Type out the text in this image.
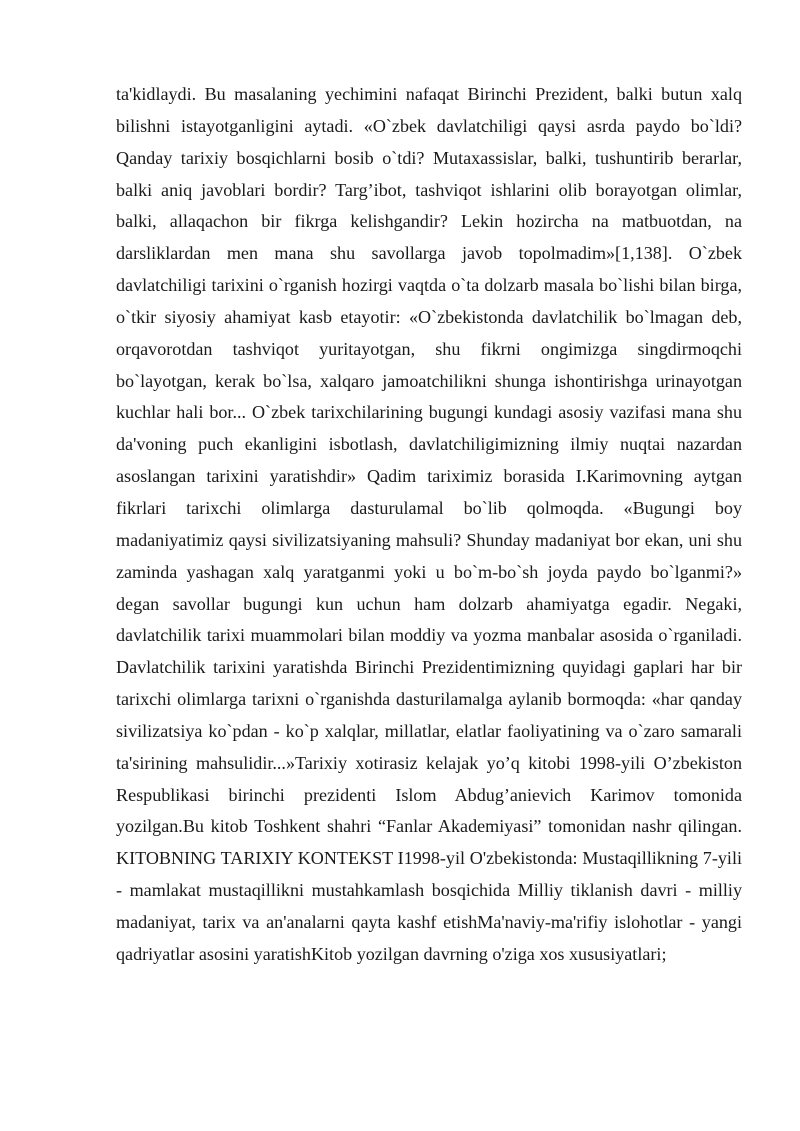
ta'kidlaydi. Bu masalaning yechimini nafaqat Birinchi Prezident, balki butun xalq bilishni istayotganligini aytadi. «O`zbek davlatchiligi qaysi asrda paydo bo`ldi? Qanday tarixiy bosqichlarni bosib o`tdi? Mutaxassislar, balki, tushuntirib berarlar, balki aniq javoblari bordir? Targ’ibot, tashviqot ishlarini olib borayotgan olimlar, balki, allaqachon bir fikrga kelishgandir? Lekin hozircha na matbuotdan, na darsliklardan men mana shu savollarga javob topolmadim»[1,138]. O`zbek davlatchiligi tarixini o`rganish hozirgi vaqtda o`ta dolzarb masala bo`lishi bilan birga, o`tkir siyosiy ahamiyat kasb etayotir: «O`zbekistonda davlatchilik bo`lmagan deb, orqavorotdan tashviqot yuritayotgan, shu fikrni ongimizga singdirmoqchi bo`layotgan, kerak bo`lsa, xalqaro jamoatchilikni shunga ishontirishga urinayotgan kuchlar hali bor... O`zbek tarixchilarining bugungi kundagi asosiy vazifasi mana shu da'voning puch ekanligini isbotlash, davlatchiligimizning ilmiy nuqtai nazardan asoslangan tarixini yaratishdir» Qadim tariximiz borasida I.Karimovning aytgan fikrlari tarixchi olimlarga dasturulamal bo`lib qolmoqda. «Bugungi boy madaniyatimiz qaysi sivilizatsiyaning mahsuli? Shunday madaniyat bor ekan, uni shu zaminda yashagan xalq yaratganmi yoki u bo`m-bo`sh joyda paydo bo`lganmi?» degan savollar bugungi kun uchun ham dolzarb ahamiyatga egadir. Negaki, davlatchilik tarixi muammolari bilan moddiy va yozma manbalar asosida o`rganiladi. Davlatchilik tarixini yaratishda Birinchi Prezidentimizning quyidagi gaplari har bir tarixchi olimlarga tarixni o`rganishda dasturilamalga aylanib bormoqda: «har qanday sivilizatsiya ko`pdan - ko`p xalqlar, millatlar, elatlar faoliyatining va o`zaro samarali ta'sirining mahsulidir...»Tarixiy xotirasiz kelajak yo’q kitobi 1998-yili O’zbekiston Respublikasi birinchi prezidenti Islom Abdug’anievich Karimov tomonida yozilgan.Bu kitob Toshkent shahri “Fanlar Akademiyasi” tomonidan nashr qilingan. KITOBNING TARIXIY KONTEKST I1998-yil O'zbekistonda: Mustaqillikning 7-yili - mamlakat mustaqillikni mustahkamlash bosqichida Milliy tiklanish davri - milliy madaniyat, tarix va an'analarni qayta kashf etishMa'naviy-ma'rifiy islohotlar - yangi qadriyatlar asosini yaratishKitob yozilgan davrning o'ziga xos xususiyatlari;
